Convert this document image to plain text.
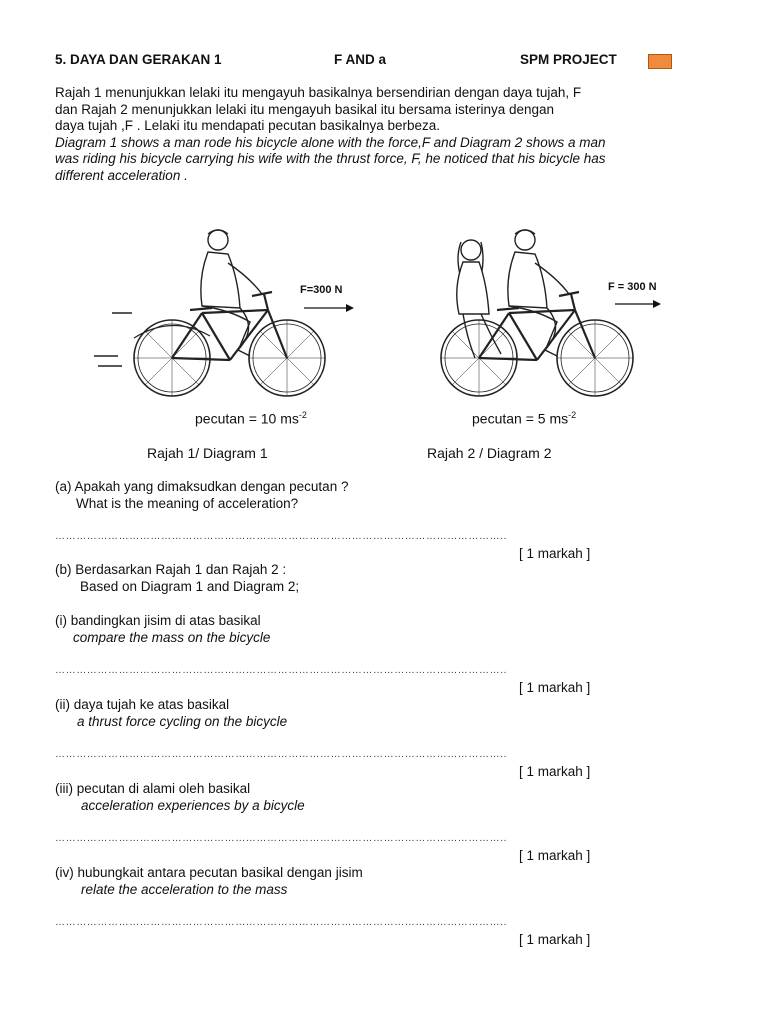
5. DAYA DAN GERAKAN 1	F AND a	SPM PROJECT
Rajah 1 menunjukkan lelaki itu mengayuh basikalnya bersendirian dengan daya tujah, F
dan Rajah 2 menunjukkan lelaki itu mengayuh basikal itu bersama isterinya dengan
daya tujah ,F . Lelaki itu mendapati pecutan basikalnya berbeza.
Diagram 1 shows a man rode his bicycle alone with the force,F and Diagram 2 shows a man
was riding his bicycle carrying his wife with the thrust force, F, he noticed that his bicycle has
different acceleration .
F=300 N
pecutan = 10 $ms^{-2}$
Rajah 1/ Diagram 1
F = 300 N
pecutan = 5 $ms^{-2}$
Rajah 2 / Diagram 2
(a) Apakah yang dimaksudkan dengan pecutan ?
What is the meaning of acceleration?
………………………………………………………………………………………………………………..
[ 1 markah ]
(b) Berdasarkan Rajah 1 dan Rajah 2 :
Based on Diagram 1 and Diagram 2;
(i) bandingkan jisim di atas basikal
compare the mass on the bicycle
………………………………………………………………………………………………………………..
[ 1 markah ]
(ii) daya tujah ke atas basikal
a thrust force cycling on the bicycle
………………………………………………………………………………………………………………..
[ 1 markah ]
(iii) pecutan di alami oleh basikal
acceleration experiences by a bicycle
………………………………………………………………………………………………………………..
[ 1 markah ]
(iv) hubungkait antara pecutan basikal dengan jisim
relate the acceleration to the mass
………………………………………………………………………………………………………………..
[ 1 markah ]
